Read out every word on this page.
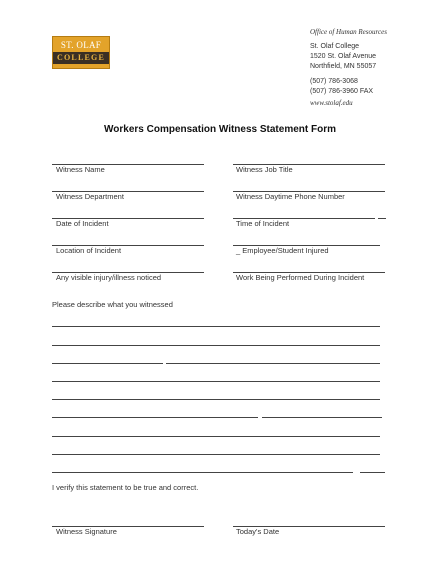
ST. OLAF
COLLEGE
Office of Human Resources
St. Olaf College
1520 St. Olaf Avenue
Northfield, MN 55057
(507) 786-3068
(507) 786-3960 FAX
www.stolaf.edu
Workers Compensation Witness Statement Form
Witness Name	Witness Job Title
Witness Department	Witness Daytime Phone Number
Date of Incident	Time of Incident
Location of Incident	_ Employee/Student Injured
Any visible injury/illness noticed	Work Being Performed During Incident
Please describe what you witnessed
I verify this statement to be true and correct.
Witness Signature	Today's Date
